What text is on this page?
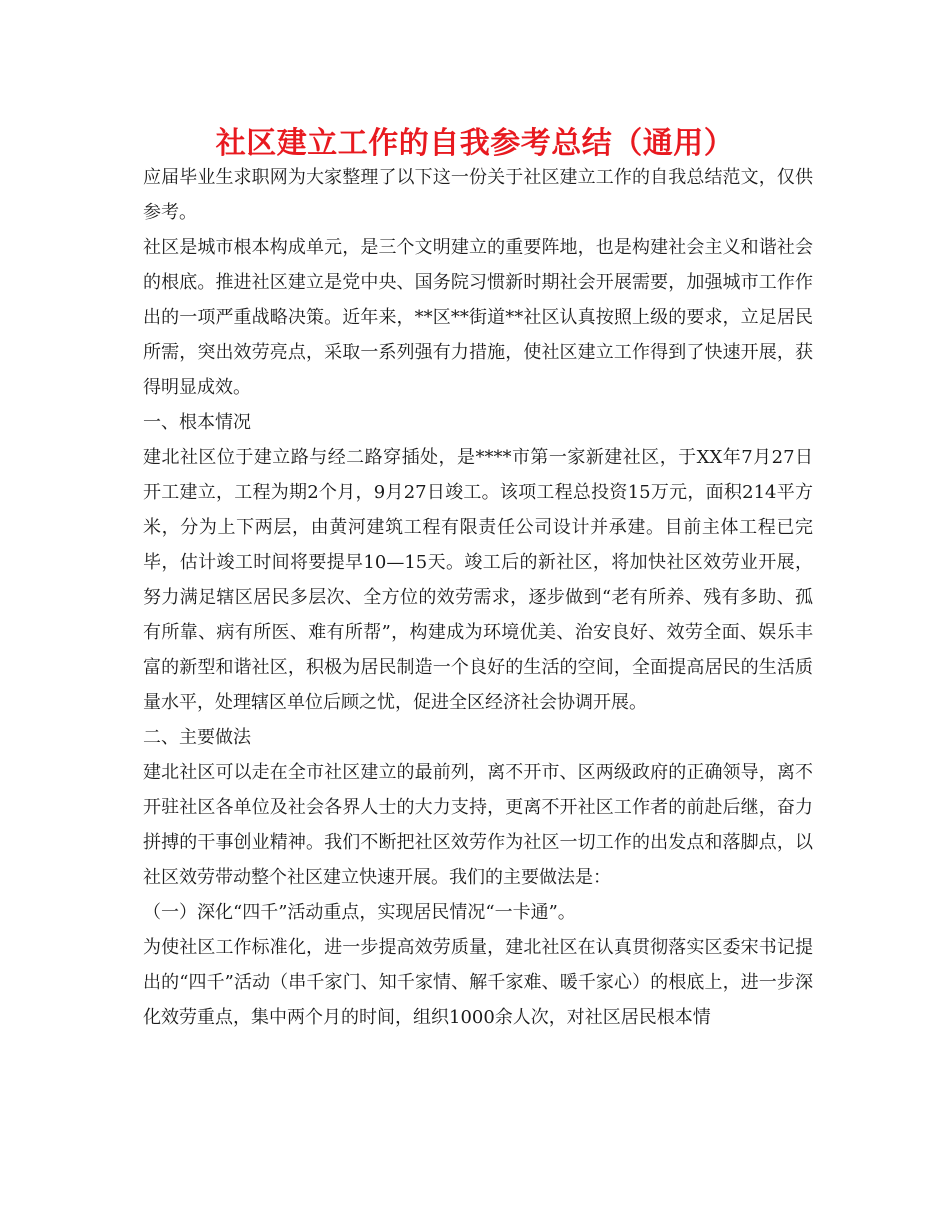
社区建立工作的自我参考总结（通用）

应届毕业生求职网为大家整理了以下这一份关于社区建立工作的自我总结范文，仅供参考。

社区是城市根本构成单元，是三个文明建立的重要阵地，也是构建社会主义和谐社会的根底。推进社区建立是党中央、国务院习惯新时期社会开展需要，加强城市工作作出的一项严重战略决策。近年来，**区**街道**社区认真按照上级的要求，立足居民所需，突出效劳亮点，采取一系列强有力措施，使社区建立工作得到了快速开展，获得明显成效。

一、根本情况

建北社区位于建立路与经二路穿插处，是****市第一家新建社区，于XX年7月27日开工建立，工程为期2个月，9月27日竣工。该项工程总投资15万元，面积214平方米，分为上下两层，由黄河建筑工程有限责任公司设计并承建。目前主体工程已完毕，估计竣工时间将要提早10—15天。竣工后的新社区，将加快社区效劳业开展，努力满足辖区居民多层次、全方位的效劳需求，逐步做到“老有所养、残有多助、孤有所靠、病有所医、难有所帮”，构建成为环境优美、治安良好、效劳全面、娱乐丰富的新型和谐社区，积极为居民制造一个良好的生活的空间，全面提高居民的生活质量水平，处理辖区单位后顾之忧，促进全区经济社会协调开展。

二、主要做法

建北社区可以走在全市社区建立的最前列，离不开市、区两级政府的正确领导，离不开驻社区各单位及社会各界人士的大力支持，更离不开社区工作者的前赴后继，奋力拼搏的干事创业精神。我们不断把社区效劳作为社区一切工作的出发点和落脚点，以社区效劳带动整个社区建立快速开展。我们的主要做法是：

（一）深化“四千”活动重点，实现居民情况“一卡通”。

为使社区工作标准化，进一步提高效劳质量，建北社区在认真贯彻落实区委宋书记提出的“四千”活动（串千家门、知千家情、解千家难、暖千家心）的根底上，进一步深化效劳重点，集中两个月的时间，组织1000余人次，对社区居民根本情
